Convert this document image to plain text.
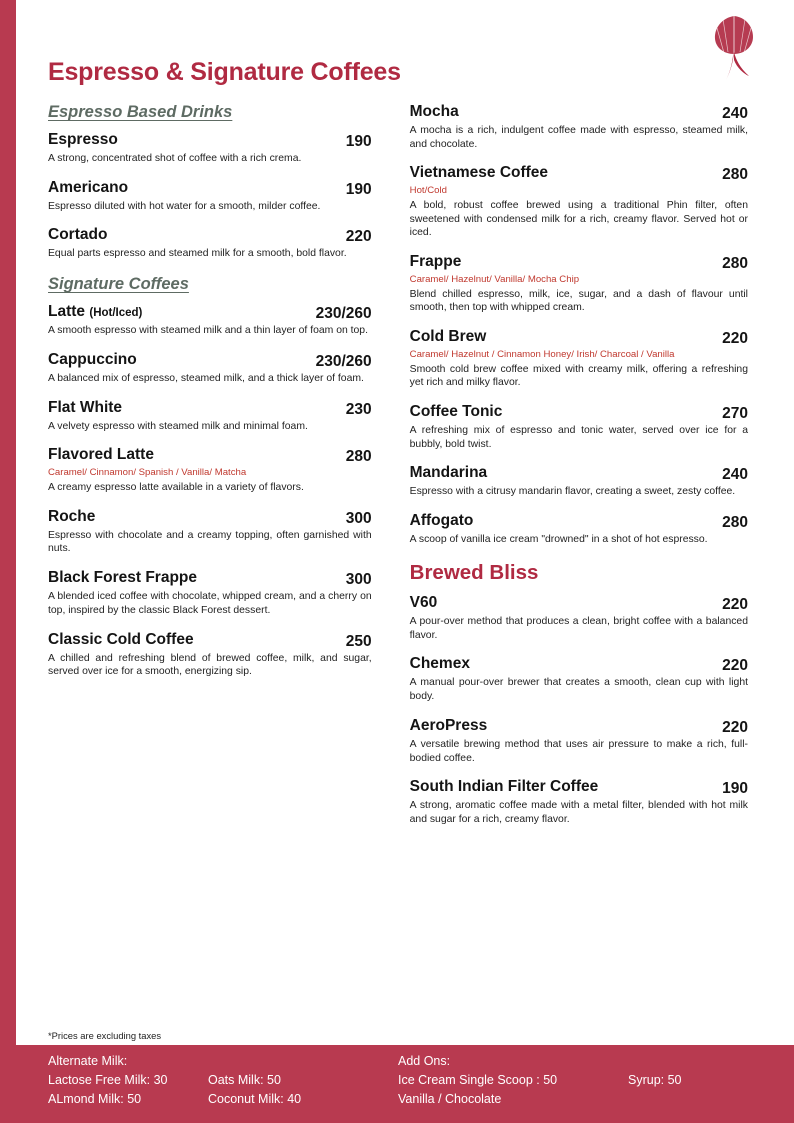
Espresso & Signature Coffees
Espresso Based Drinks
Espresso	190
A strong, concentrated shot of coffee with a rich crema.
Americano	190
Espresso diluted with hot water for a smooth, milder coffee.
Cortado	220
Equal parts espresso and steamed milk for a smooth, bold flavor.
Signature Coffees
Latte (Hot/Iced)	230/260
A smooth espresso with steamed milk and a thin layer of foam on top.
Cappuccino	230/260
A balanced mix of espresso, steamed milk, and a thick layer of foam.
Flat White	230
A velvety espresso with steamed milk and minimal foam.
Flavored Latte	280
Caramel/ Cinnamon/ Spanish / Vanilla/ Matcha
A creamy espresso latte available in a variety of flavors.
Roche	300
Espresso with chocolate and a creamy topping, often garnished with nuts.
Black Forest Frappe	300
A blended iced coffee with chocolate, whipped cream, and a cherry on top, inspired by the classic Black Forest dessert.
Classic Cold Coffee	250
A chilled and refreshing blend of brewed coffee, milk, and sugar, served over ice for a smooth, energizing sip.
Mocha	240
A mocha is a rich, indulgent coffee made with espresso, steamed milk, and chocolate.
Vietnamese Coffee	280
Hot/Cold
A bold, robust coffee brewed using a traditional Phin filter, often sweetened with condensed milk for a rich, creamy flavor. Served hot or iced.
Frappe	280
Caramel/ Hazelnut/ Vanilla/ Mocha Chip
Blend chilled espresso, milk, ice, sugar, and a dash of flavour until smooth, then top with whipped cream.
Cold Brew	220
Caramel/ Hazelnut / Cinnamon Honey/ Irish/ Charcoal / Vanilla
Smooth cold brew coffee mixed with creamy milk, offering a refreshing yet rich and milky flavor.
Coffee Tonic	270
A refreshing mix of espresso and tonic water, served over ice for a bubbly, bold twist.
Mandarina	240
Espresso with a citrusy mandarin flavor, creating a sweet, zesty coffee.
Affogato	280
A scoop of vanilla ice cream "drowned" in a shot of hot espresso.
Brewed Bliss
V60	220
A pour-over method that produces a clean, bright coffee with a balanced flavor.
Chemex	220
A manual pour-over brewer that creates a smooth, clean cup with light body.
AeroPress	220
A versatile brewing method that uses air pressure to make a rich, full-bodied coffee.
South Indian Filter Coffee	190
A strong, aromatic coffee made with a metal filter, blended with hot milk and sugar for a rich, creamy flavor.
*Prices are excluding taxes
Alternate Milk:
Lactose Free Milk: 30	Oats Milk: 50
ALmond Milk: 50	Coconut Milk: 40
Add Ons:
Ice Cream Single Scoop : 50	Syrup: 50
Vanilla / Chocolate
